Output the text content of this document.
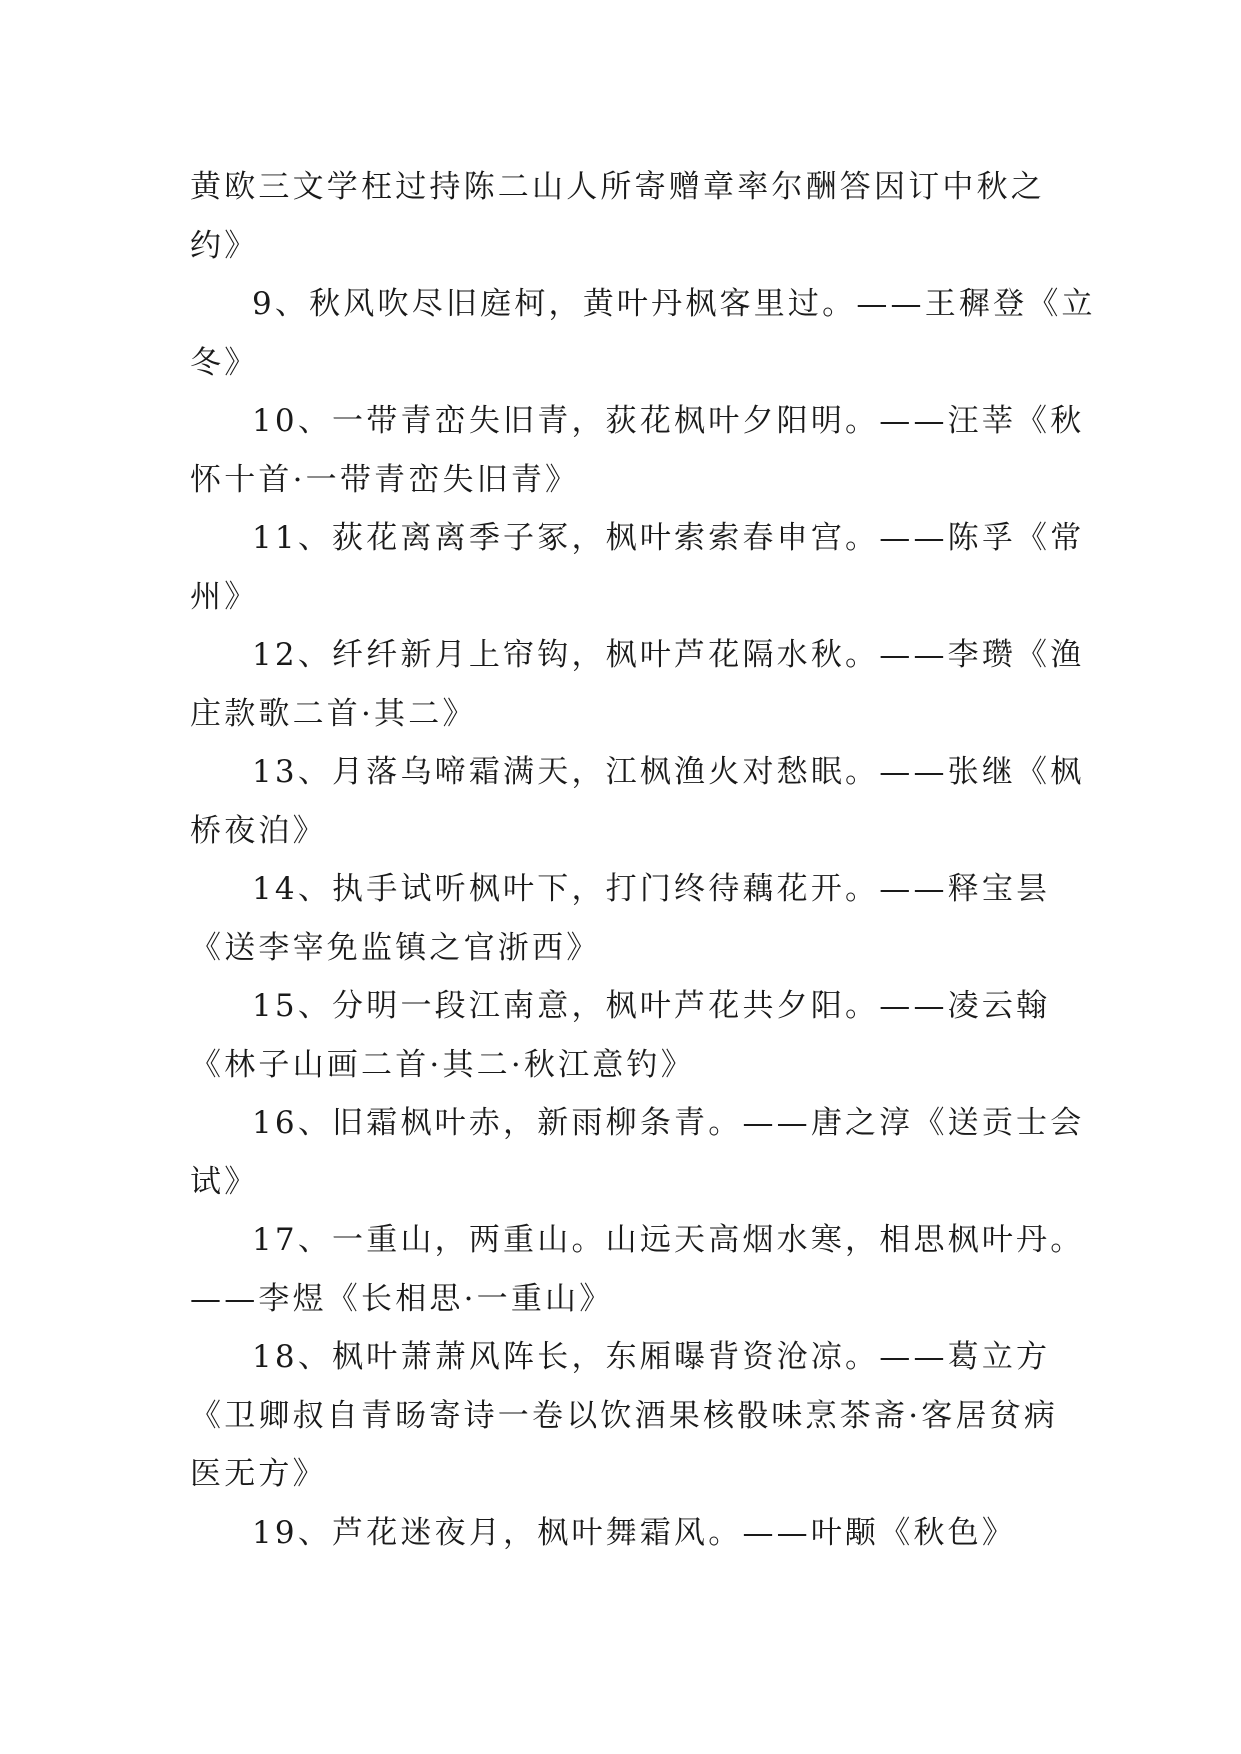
黄欧三文学枉过持陈二山人所寄赠章率尔酬答因订中秋之
约》
9、秋风吹尽旧庭柯，黄叶丹枫客里过。——王穉登《立
冬》
10、一带青峦失旧青，荻花枫叶夕阳明。——汪莘《秋
怀十首·一带青峦失旧青》
11、荻花离离季子冢，枫叶索索春申宫。——陈孚《常
州》
12、纤纤新月上帘钩，枫叶芦花隔水秋。——李瓒《渔
庄款歌二首·其二》
13、月落乌啼霜满天，江枫渔火对愁眠。——张继《枫
桥夜泊》
14、执手试听枫叶下，打门终待藕花开。——释宝昙
《送李宰免监镇之官浙西》
15、分明一段江南意，枫叶芦花共夕阳。——凌云翰
《林子山画二首·其二·秋江意钓》
16、旧霜枫叶赤，新雨柳条青。——唐之淳《送贡士会
试》
17、一重山，两重山。山远天高烟水寒，相思枫叶丹。
——李煜《长相思·一重山》
18、枫叶萧萧风阵长，东厢曝背资沧凉。——葛立方
《卫卿叔自青旸寄诗一卷以饮酒果核骰味烹茶斋·客居贫病
医无方》
19、芦花迷夜月，枫叶舞霜风。——叶颙《秋色》
